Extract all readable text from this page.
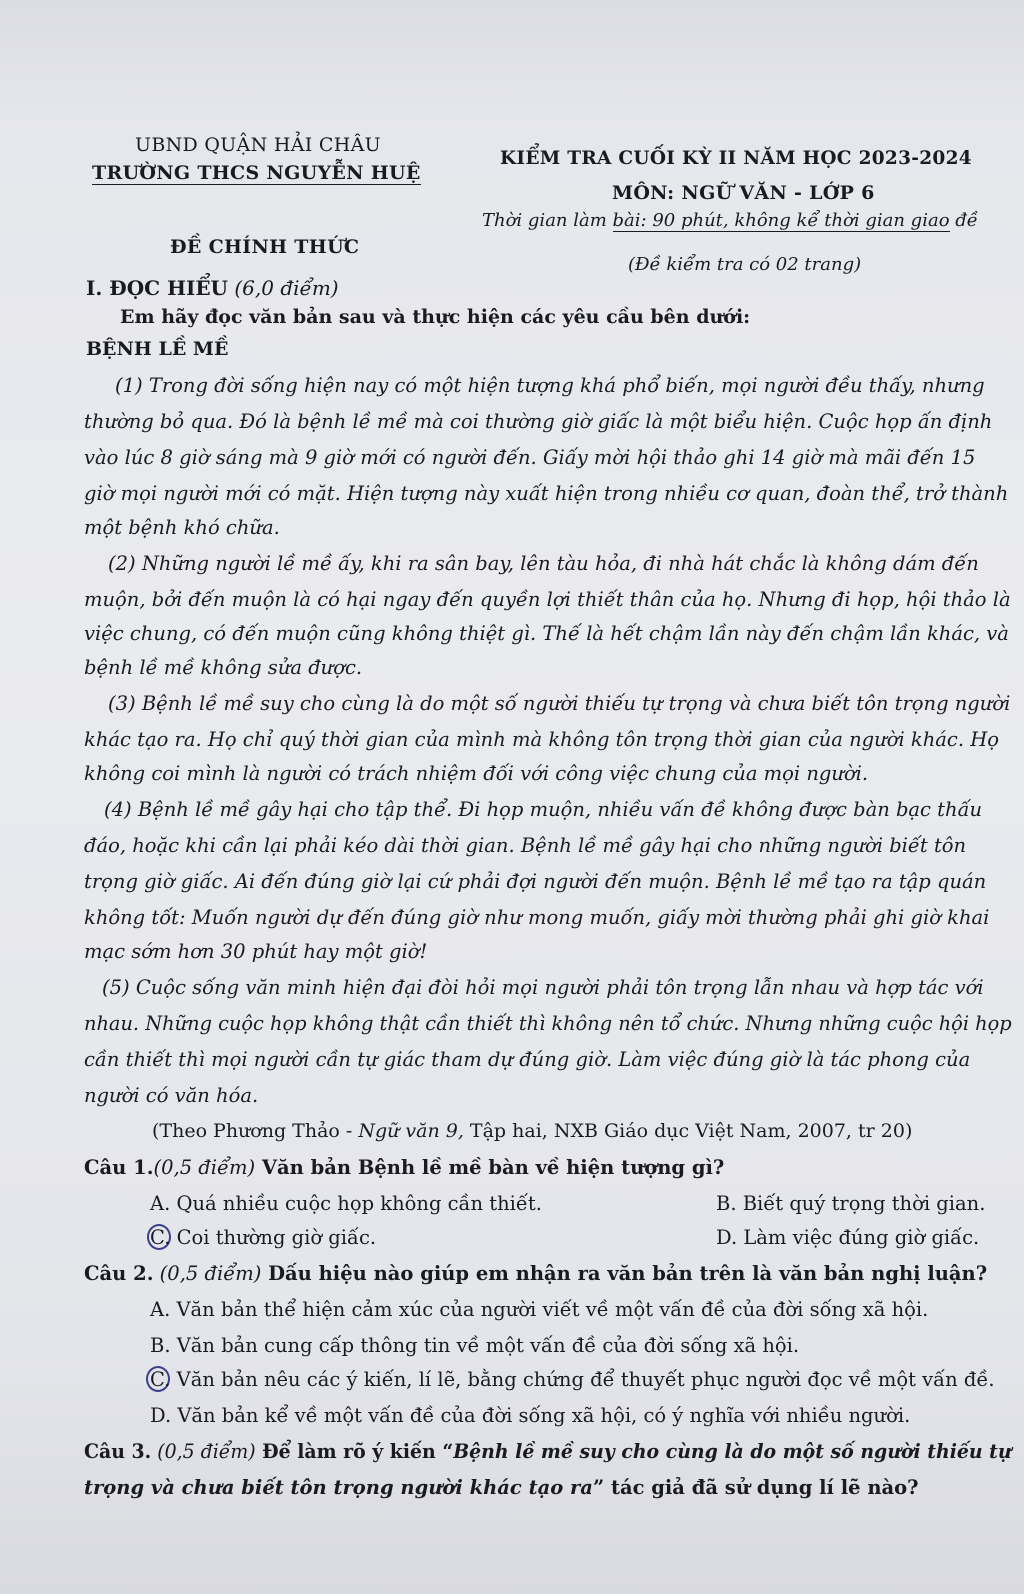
UBND QUẬN HẢI CHÂU
TRƯỜNG THCS NGUYỄN HUỆ
ĐỀ CHÍNH THỨC
KIỂM TRA CUỐI KỲ II NĂM HỌC 2023-2024
MÔN: NGỮ VĂN - LỚP 6
Thời gian làm bài: 90 phút, không kể thời gian giao đề
(Đề kiểm tra có 02 trang)
I. ĐỌC HIỂU (6,0 điểm)
Em hãy đọc văn bản sau và thực hiện các yêu cầu bên dưới:
BỆNH LỀ MỀ
(1) Trong đời sống hiện nay có một hiện tượng khá phổ biến, mọi người đều thấy, nhưng
thường bỏ qua. Đó là bệnh lề mề mà coi thường giờ giấc là một biểu hiện. Cuộc họp ấn định
vào lúc 8 giờ sáng mà 9 giờ mới có người đến. Giấy mời hội thảo ghi 14 giờ mà mãi đến 15
giờ mọi người mới có mặt. Hiện tượng này xuất hiện trong nhiều cơ quan, đoàn thể, trở thành
một bệnh khó chữa.
(2) Những người lề mề ấy, khi ra sân bay, lên tàu hỏa, đi nhà hát chắc là không dám đến
muộn, bởi đến muộn là có hại ngay đến quyền lợi thiết thân của họ. Nhưng đi họp, hội thảo là
việc chung, có đến muộn cũng không thiệt gì. Thế là hết chậm lần này đến chậm lần khác, và
bệnh lề mề không sửa được.
(3) Bệnh lề mề suy cho cùng là do một số người thiếu tự trọng và chưa biết tôn trọng người
khác tạo ra. Họ chỉ quý thời gian của mình mà không tôn trọng thời gian của người khác. Họ
không coi mình là người có trách nhiệm đối với công việc chung của mọi người.
(4) Bệnh lề mề gây hại cho tập thể. Đi họp muộn, nhiều vấn đề không được bàn bạc thấu
đáo, hoặc khi cần lại phải kéo dài thời gian. Bệnh lề mề gây hại cho những người biết tôn
trọng giờ giấc. Ai đến đúng giờ lại cứ phải đợi người đến muộn. Bệnh lề mề tạo ra tập quán
không tốt: Muốn người dự đến đúng giờ như mong muốn, giấy mời thường phải ghi giờ khai
mạc sớm hơn 30 phút hay một giờ!
(5) Cuộc sống văn minh hiện đại đòi hỏi mọi người phải tôn trọng lẫn nhau và hợp tác với
nhau. Những cuộc họp không thật cần thiết thì không nên tổ chức. Nhưng những cuộc hội họp
cần thiết thì mọi người cần tự giác tham dự đúng giờ. Làm việc đúng giờ là tác phong của
người có văn hóa.
(Theo Phương Thảo - Ngữ văn 9, Tập hai, NXB Giáo dục Việt Nam, 2007, tr 20)
Câu 1.(0,5 điểm) Văn bản Bệnh lề mề bàn về hiện tượng gì?
A. Quá nhiều cuộc họp không cần thiết.	B. Biết quý trọng thời gian.
C. Coi thường giờ giấc.	D. Làm việc đúng giờ giấc.
Câu 2. (0,5 điểm) Dấu hiệu nào giúp em nhận ra văn bản trên là văn bản nghị luận?
A. Văn bản thể hiện cảm xúc của người viết về một vấn đề của đời sống xã hội.
B. Văn bản cung cấp thông tin về một vấn đề của đời sống xã hội.
C. Văn bản nêu các ý kiến, lí lẽ, bằng chứng để thuyết phục người đọc về một vấn đề.
D. Văn bản kể về một vấn đề của đời sống xã hội, có ý nghĩa với nhiều người.
Câu 3. (0,5 điểm) Để làm rõ ý kiến “Bệnh lề mề suy cho cùng là do một số người thiếu tự
trọng và chưa biết tôn trọng người khác tạo ra” tác giả đã sử dụng lí lẽ nào?
